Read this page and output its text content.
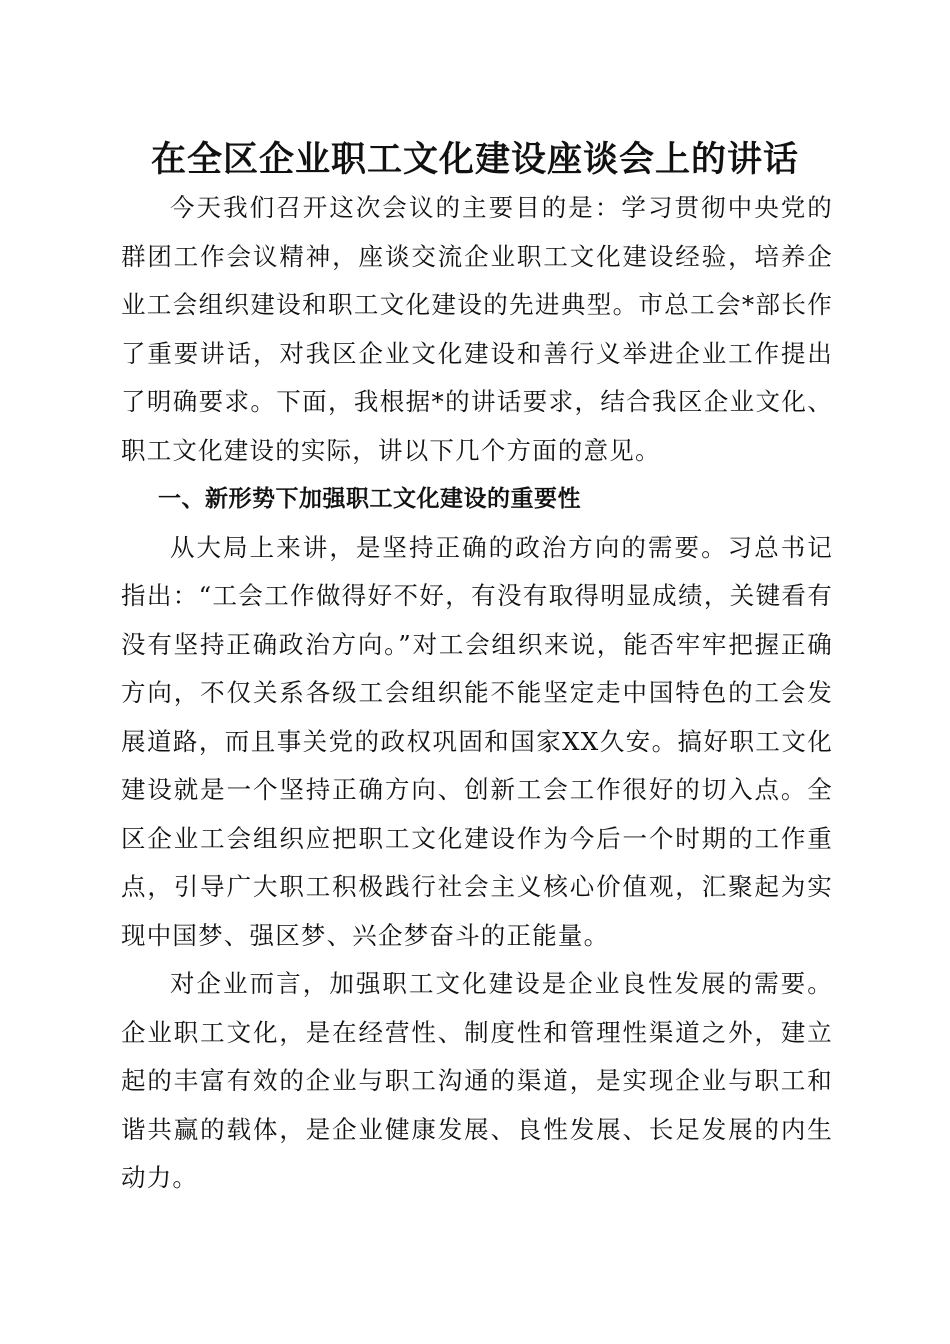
在全区企业职工文化建设座谈会上的讲话

今天我们召开这次会议的主要目的是：学习贯彻中央党的群团工作会议精神，座谈交流企业职工文化建设经验，培养企业工会组织建设和职工文化建设的先进典型。市总工会*部长作了重要讲话，对我区企业文化建设和善行义举进企业工作提出了明确要求。下面，我根据*的讲话要求，结合我区企业文化、职工文化建设的实际，讲以下几个方面的意见。

一、新形势下加强职工文化建设的重要性

从大局上来讲，是坚持正确的政治方向的需要。习总书记指出：“工会工作做得好不好，有没有取得明显成绩，关键看有没有坚持正确政治方向。”对工会组织来说，能否牢牢把握正确方向，不仅关系各级工会组织能不能坚定走中国特色的工会发展道路，而且事关党的政权巩固和国家XX久安。搞好职工文化建设就是一个坚持正确方向、创新工会工作很好的切入点。全区企业工会组织应把职工文化建设作为今后一个时期的工作重点，引导广大职工积极践行社会主义核心价值观，汇聚起为实现中国梦、强区梦、兴企梦奋斗的正能量。

对企业而言，加强职工文化建设是企业良性发展的需要。企业职工文化，是在经营性、制度性和管理性渠道之外，建立起的丰富有效的企业与职工沟通的渠道，是实现企业与职工和谐共赢的载体，是企业健康发展、良性发展、长足发展的内生动力。
